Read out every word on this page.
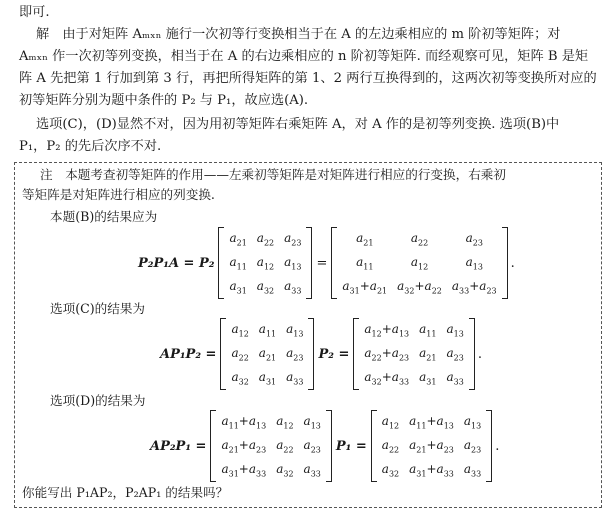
即可.
解　由于对矩阵 Aₘₓₙ 施行一次初等行变换相当于在 A 的左边乘相应的 m 阶初等矩阵；对
Aₘₓₙ 作一次初等列变换，相当于在 A 的右边乘相应的 n 阶初等矩阵. 而经观察可见，矩阵 B 是矩
阵 A 先把第 1 行加到第 3 行，再把所得矩阵的第 1、2 两行互换得到的，这两次初等变换所对应的
初等矩阵分别为题中条件的 P₂ 与 P₁，故应选(A).
选项(C)，(D)显然不对，因为用初等矩阵右乘矩阵 A，对 A 作的是初等列变换. 选项(B)中
P₁，P₂ 的先后次序不对.
注　本题考查初等矩阵的作用——左乘初等矩阵是对矩阵进行相应的行变换，右乘初
等矩阵是对矩阵进行相应的列变换.
本题(B)的结果应为
P₂P₁A = P₂
$a_{21}$	$a_{22}$	$a_{23}$
$a_{11}$	$a_{12}$	$a_{13}$
$a_{31}$	$a_{32}$	$a_{33}$
=
$a_{21}$	$a_{22}$	$a_{23}$
$a_{11}$	$a_{12}$	$a_{13}$
$a_{31}+a_{21}$	$a_{32}+a_{22}$	$a_{33}+a_{23}$
.
选项(C)的结果为
AP₁P₂ =
$a_{12}$	$a_{11}$	$a_{13}$
$a_{22}$	$a_{21}$	$a_{23}$
$a_{32}$	$a_{31}$	$a_{33}$
P₂ =
$a_{12}+a_{13}$	$a_{11}$	$a_{13}$
$a_{22}+a_{23}$	$a_{21}$	$a_{23}$
$a_{32}+a_{33}$	$a_{31}$	$a_{33}$
.
选项(D)的结果为
AP₂P₁ =
$a_{11}+a_{13}$	$a_{12}$	$a_{13}$
$a_{21}+a_{23}$	$a_{22}$	$a_{23}$
$a_{31}+a_{33}$	$a_{32}$	$a_{33}$
P₁ =
$a_{12}$	$a_{11}+a_{13}$	$a_{13}$
$a_{22}$	$a_{21}+a_{23}$	$a_{23}$
$a_{32}$	$a_{31}+a_{33}$	$a_{33}$
.
你能写出 P₁AP₂，P₂AP₁ 的结果吗？
